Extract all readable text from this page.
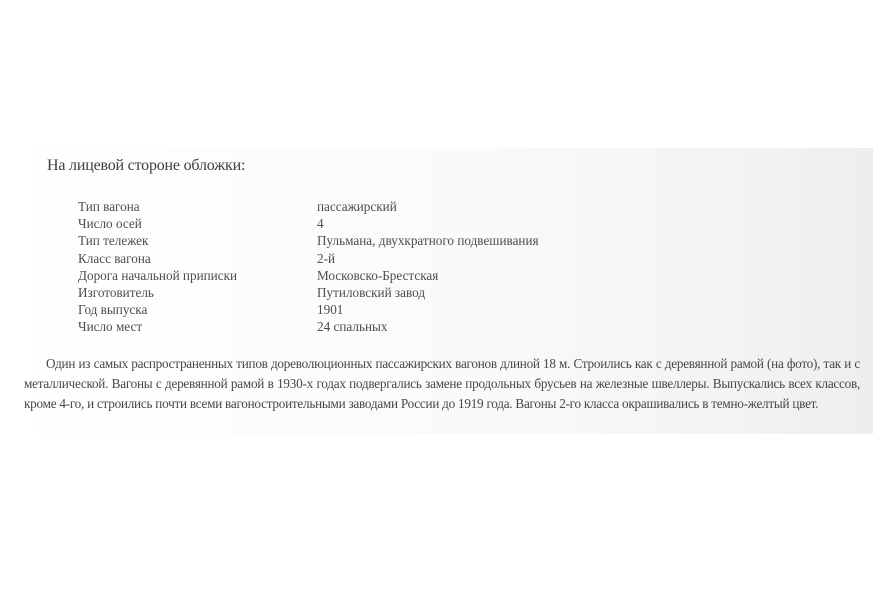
На лицевой стороне обложки:
Тип вагона	пассажирский
Число осей	4
Тип тележек	Пульмана, двухкратного подвешивания
Класс вагона	2-й
Дорога начальной приписки	Московско-Брестская
Изготовитель	Путиловский завод
Год выпуска	1901
Число мест	24 спальных

Один из самых распространенных типов дореволюционных пассажирских вагонов длиной 18 м. Строились как с деревянной рамой (на фото), так и с металлической. Вагоны с деревянной рамой в 1930-х годах подвергались замене продольных брусьев на железные швеллеры. Выпускались всех классов, кроме 4-го, и строились почти всеми вагоностроительными заводами России до 1919 года. Вагоны 2-го класса окрашивались в темно-желтый цвет.
